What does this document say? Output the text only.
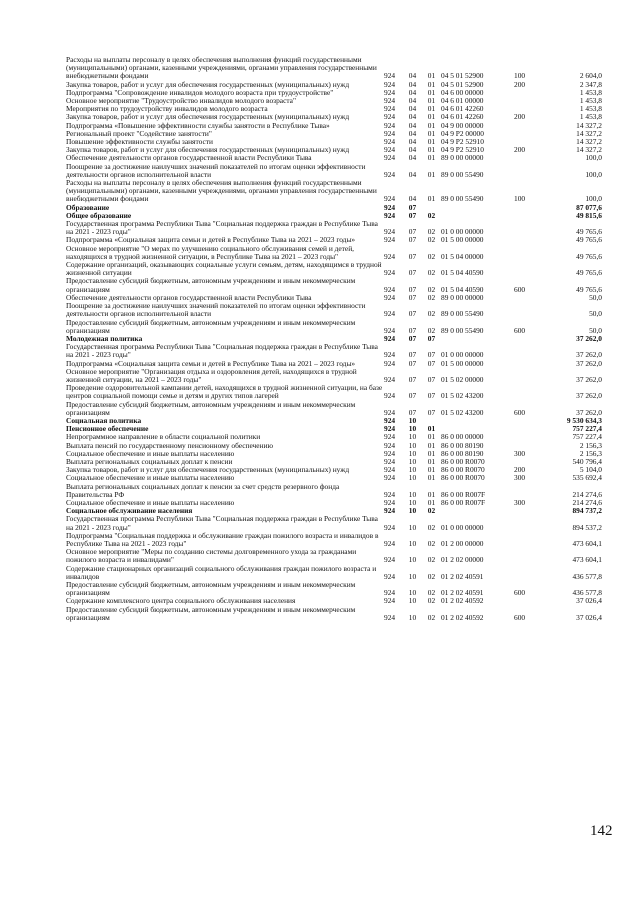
Расходы на выплаты персоналу в целях обеспечения выполнения функций государственными (муниципальными) органами, казенными учреждениями, органами управления государственными внебюджетными фондами	924	04	01	04 5 01 52900	100	2 604,0
Закупка товаров, работ и услуг для обеспечения государственных (муниципальных) нужд	924	04	01	04 5 01 52900	200	2 347,8
Подпрограмма "Сопровождение инвалидов молодого возраста при трудоустройстве"	924	04	01	04 6 00 00000		1 453,8
Основное мероприятие "Трудоустройство инвалидов молодого возраста"	924	04	01	04 6 01 00000		1 453,8
Мероприятия по трудоустройству инвалидов молодого возраста	924	04	01	04 6 01 42260		1 453,8
Закупка товаров, работ и услуг для обеспечения государственных (муниципальных) нужд	924	04	01	04 6 01 42260	200	1 453,8
Подпрограмма «Повышение эффективности службы занятости в Республике Тыва»	924	04	01	04 9 00 00000		14 327,2
Региональный проект "Содействие занятости"	924	04	01	04 9 Р2 00000		14 327,2
Повышение эффективности службы занятости	924	04	01	04 9 Р2 52910		14 327,2
Закупка товаров, работ и услуг для обеспечения государственных (муниципальных) нужд	924	04	01	04 9 Р2 52910	200	14 327,2
Обеспечение деятельности органов государственной власти Республики Тыва	924	04	01	89 0 00 00000		100,0
Поощрение за достижение наилучших значений показателей по итогам оценки эффективности деятельности органов исполнительной власти	924	04	01	89 0 00 55490		100,0
Расходы на выплаты персоналу в целях обеспечения выполнения функций государственными (муниципальными) органами, казенными учреждениями, органами управления государственными внебюджетными фондами	924	04	01	89 0 00 55490	100	100,0
Образование	924	07				87 077,6
Общее образование	924	07	02			49 815,6
Государственная программа Республики Тыва "Социальная поддержка граждан в Республике Тыва на 2021 - 2023 годы"	924	07	02	01 0 00 00000		49 765,6
Подпрограмма «Социальная защита семьи и детей в Республике Тыва на 2021 – 2023 годы»	924	07	02	01 5 00 00000		49 765,6
Основное мероприятие "О мерах по улучшению социального обслуживания семей и детей, находящихся в трудной жизненной ситуации, в Республике Тыва на 2021 – 2023 годы"	924	07	02	01 5 04 00000		49 765,6
Содержание организаций, оказывающих социальные услуги семьям, детям, находящимся в трудной жизненной ситуации	924	07	02	01 5 04 40590		49 765,6
Предоставление субсидий бюджетным, автономным учреждениям и иным некоммерческим организациям	924	07	02	01 5 04 40590	600	49 765,6
Обеспечение деятельности органов государственной власти Республики Тыва	924	07	02	89 0 00 00000		50,0
Поощрение за достижение наилучших значений показателей по итогам оценки эффективности деятельности органов исполнительной власти	924	07	02	89 0 00 55490		50,0
Предоставление субсидий бюджетным, автономным учреждениям и иным некоммерческим организациям	924	07	02	89 0 00 55490	600	50,0
Молодежная политика	924	07	07			37 262,0
Государственная программа Республики Тыва "Социальная поддержка граждан в Республике Тыва на 2021 - 2023 годы"	924	07	07	01 0 00 00000		37 262,0
Подпрограмма «Социальная защита семьи и детей в Республике Тыва на 2021 – 2023 годы»	924	07	07	01 5 00 00000		37 262,0
Основное мероприятие "Организация отдыха и оздоровления детей, находящихся в трудной жизненной ситуации, на 2021 – 2023 годы"	924	07	07	01 5 02 00000		37 262,0
Проведение оздоровительной кампании детей, находящихся в трудной жизненной ситуации, на базе центров социальной помощи семье и детям и других типов лагерей	924	07	07	01 5 02 43200		37 262,0
Предоставление субсидий бюджетным, автономным учреждениям и иным некоммерческим организациям	924	07	07	01 5 02 43200	600	37 262,0
Социальная политика	924	10				9 530 634,3
Пенсионное обеспечение	924	10	01			757 227,4
Непрограммное направление в области социальной политики	924	10	01	86 0 00 00000		757 227,4
Выплата пенсий по государственному пенсионному обеспечению	924	10	01	86 0 00 80190		2 156,3
Социальное обеспечение и иные выплаты населению	924	10	01	86 0 00 80190	300	2 156,3
Выплата региональных социальных доплат к пенсии	924	10	01	86 0 00 R0070		540 796,4
Закупка товаров, работ и услуг для обеспечения государственных (муниципальных) нужд	924	10	01	86 0 00 R0070	200	5 104,0
Социальное обеспечение и иные выплаты населению	924	10	01	86 0 00 R0070	300	535 692,4
Выплата региональных социальных доплат к пенсии за счет средств резервного фонда Правительства РФ	924	10	01	86 0 00 R007F		214 274,6
Социальное обеспечение и иные выплаты населению	924	10	01	86 0 00 R007F	300	214 274,6
Социальное обслуживание населения	924	10	02			894 737,2
Государственная программа Республики Тыва "Социальная поддержка граждан в Республике Тыва на 2021 - 2023 годы"	924	10	02	01 0 00 00000		894 537,2
Подпрограмма "Социальная поддержка и обслуживание граждан пожилого возраста и инвалидов в Республике Тыва на 2021 - 2023 годы"	924	10	02	01 2 00 00000		473 604,1
Основное мероприятие "Меры по созданию системы долговременного ухода за гражданами пожилого возраста и инвалидами"	924	10	02	01 2 02 00000		473 604,1
Содержание стационарных организаций социального обслуживания граждан пожилого возраста и инвалидов	924	10	02	01 2 02 40591		436 577,8
Предоставление субсидий бюджетным, автономным учреждениям и иным некоммерческим организациям	924	10	02	01 2 02 40591	600	436 577,8
Содержание комплексного центра социального обслуживания населения	924	10	02	01 2 02 40592		37 026,4
Предоставление субсидий бюджетным, автономным учреждениям и иным некоммерческим организациям	924	10	02	01 2 02 40592	600	37 026,4
142
